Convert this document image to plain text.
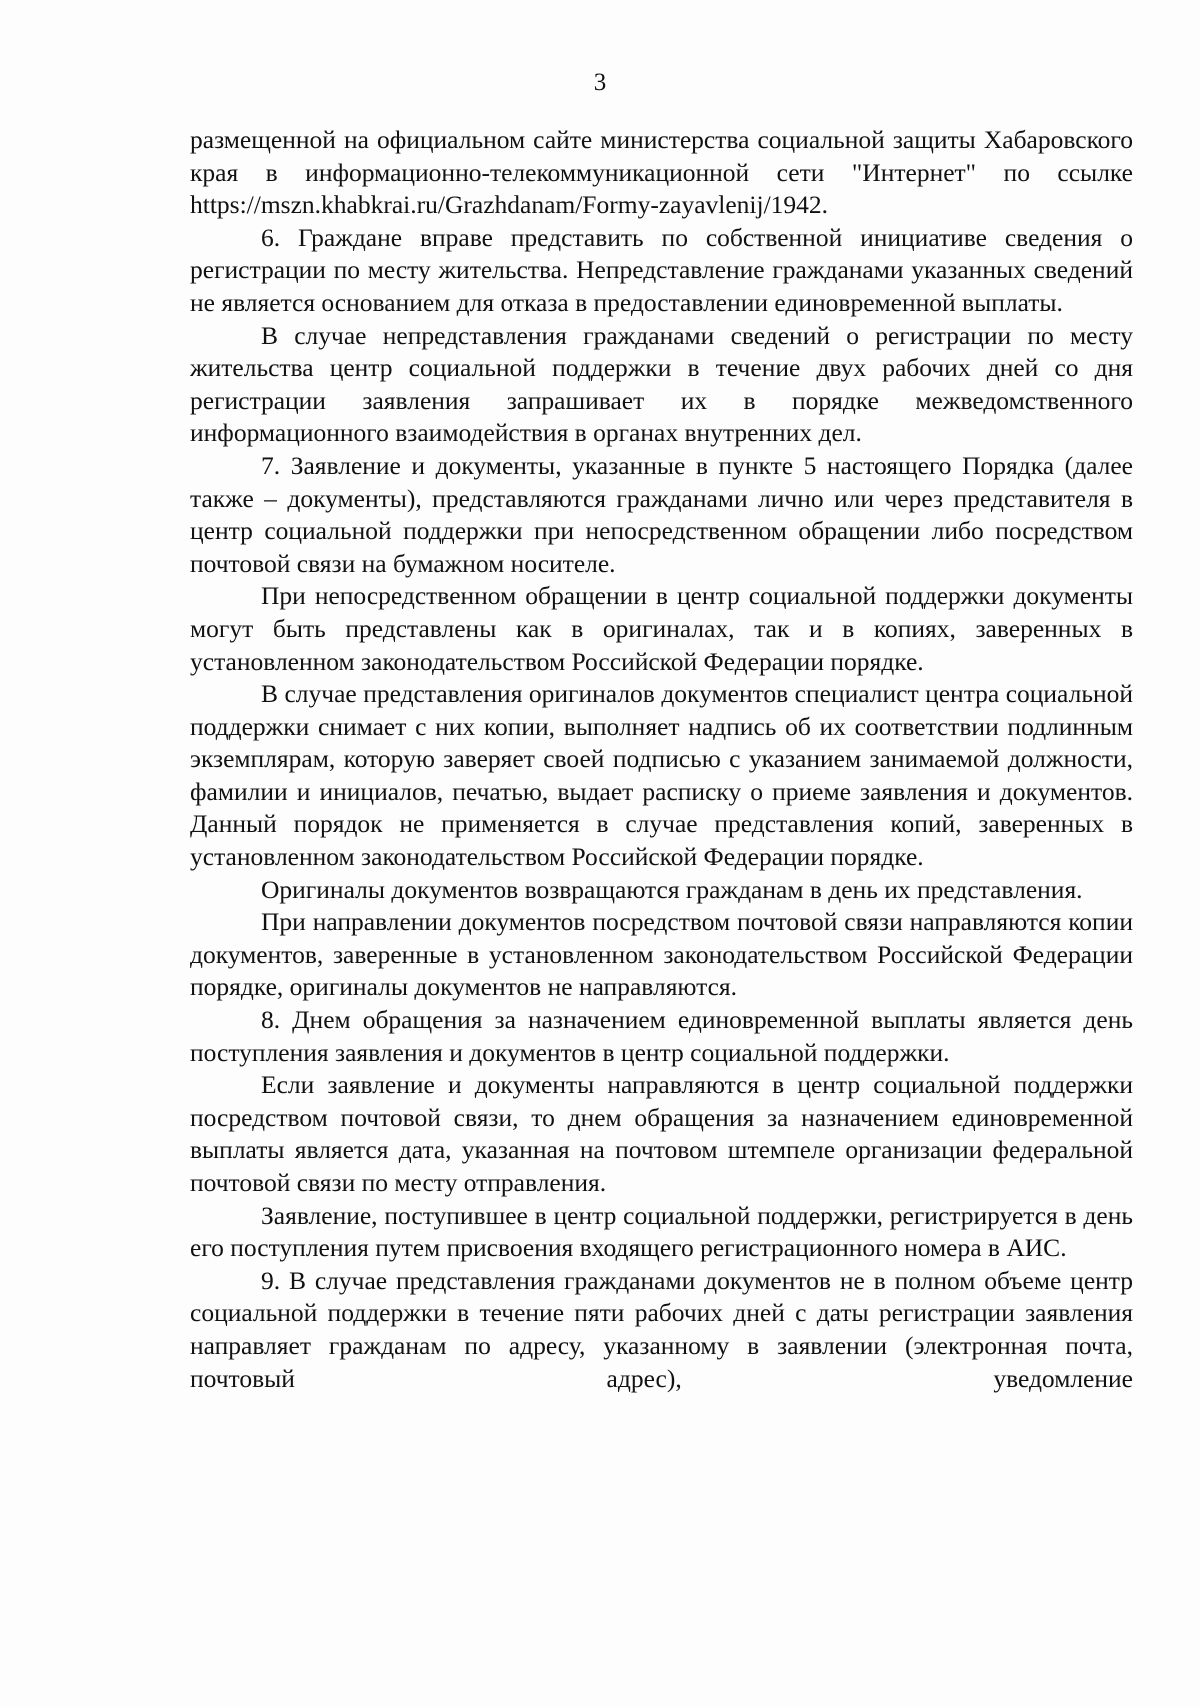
3

размещенной на официальном сайте министерства социальной защиты Хабаровского края в информационно-телекоммуникационной сети "Интернет" по ссылке https://mszn.khabkrai.ru/Grazhdanam/Formy-zayavlenij/1942.

6. Граждане вправе представить по собственной инициативе сведения о регистрации по месту жительства. Непредставление гражданами указанных сведений не является основанием для отказа в предоставлении единовременной выплаты.

В случае непредставления гражданами сведений о регистрации по месту жительства центр социальной поддержки в течение двух рабочих дней со дня регистрации заявления запрашивает их в порядке межведомственного информационного взаимодействия в органах внутренних дел.

7. Заявление и документы, указанные в пункте 5 настоящего Порядка (далее также – документы), представляются гражданами лично или через представителя в центр социальной поддержки при непосредственном обращении либо посредством почтовой связи на бумажном носителе.

При непосредственном обращении в центр социальной поддержки документы могут быть представлены как в оригиналах, так и в копиях, заверенных в установленном законодательством Российской Федерации порядке.

В случае представления оригиналов документов специалист центра социальной поддержки снимает с них копии, выполняет надпись об их соответствии подлинным экземплярам, которую заверяет своей подписью с указанием занимаемой должности, фамилии и инициалов, печатью, выдает расписку о приеме заявления и документов. Данный порядок не применяется в случае представления копий, заверенных в установленном законодательством Российской Федерации порядке.

Оригиналы документов возвращаются гражданам в день их представления.

При направлении документов посредством почтовой связи направляются копии документов, заверенные в установленном законодательством Российской Федерации порядке, оригиналы документов не направляются.

8. Днем обращения за назначением единовременной выплаты является день поступления заявления и документов в центр социальной поддержки.

Если заявление и документы направляются в центр социальной поддержки посредством почтовой связи, то днем обращения за назначением единовременной выплаты является дата, указанная на почтовом штемпеле организации федеральной почтовой связи по месту отправления.

Заявление, поступившее в центр социальной поддержки, регистрируется в день его поступления путем присвоения входящего регистрационного номера в АИС.

9. В случае представления гражданами документов не в полном объеме центр социальной поддержки в течение пяти рабочих дней с даты регистрации заявления направляет гражданам по адресу, указанному в заявлении (электронная почта, почтовый адрес), уведомление
